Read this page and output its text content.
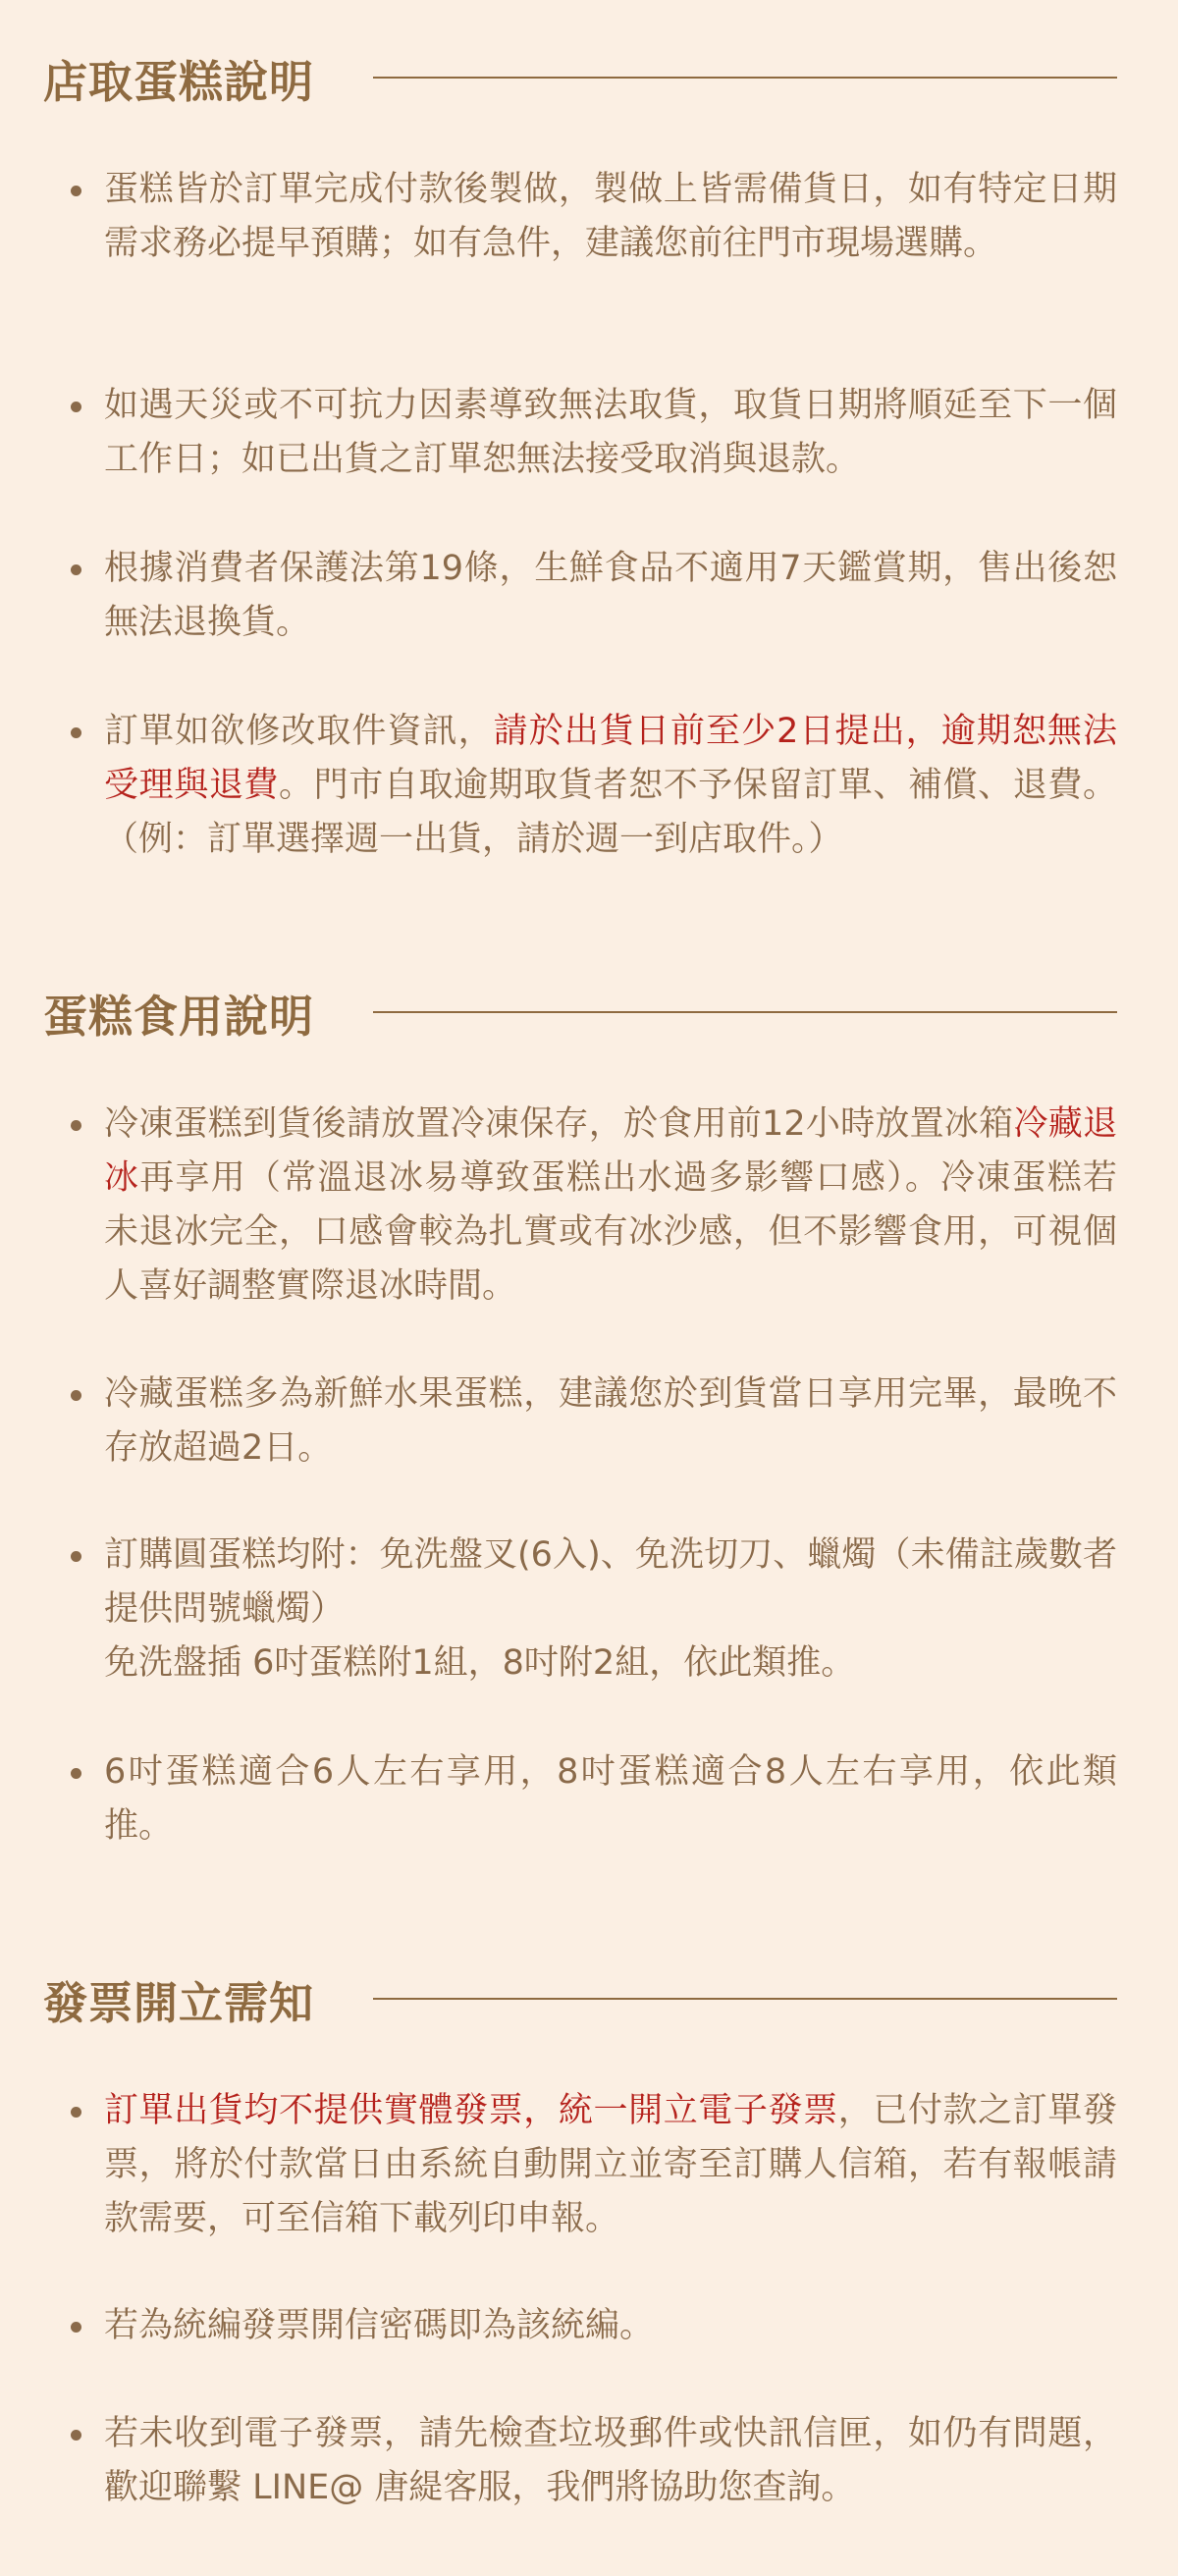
店取蛋糕說明
蛋糕皆於訂單完成付款後製做，製做上皆需備貨日，如有特定日期需求務必提早預購；如有急件，建議您前往門市現場選購。
如遇天災或不可抗力因素導致無法取貨，取貨日期將順延至下一個工作日；如已出貨之訂單恕無法接受取消與退款。
根據消費者保護法第19條，生鮮食品不適用7天鑑賞期，售出後恕無法退換貨。
訂單如欲修改取件資訊，請於出貨日前至少2日提出，逾期恕無法受理與退費。門市自取逾期取貨者恕不予保留訂單、補償、退費。（例：訂單選擇週一出貨，請於週一到店取件。）
蛋糕食用說明
冷凍蛋糕到貨後請放置冷凍保存，於食用前12小時放置冰箱冷藏退冰再享用（常溫退冰易導致蛋糕出水過多影響口感）。冷凍蛋糕若未退冰完全，口感會較為扎實或有冰沙感，但不影響食用，可視個人喜好調整實際退冰時間。
冷藏蛋糕多為新鮮水果蛋糕，建議您於到貨當日享用完畢，最晚不存放超過2日。
訂購圓蛋糕均附：免洗盤叉(6入)、免洗切刀、蠟燭（未備註歲數者提供問號蠟燭）
免洗盤插 6吋蛋糕附1組，8吋附2組，依此類推。
6吋蛋糕適合6人左右享用，8吋蛋糕適合8人左右享用，依此類推。
發票開立需知
訂單出貨均不提供實體發票，統一開立電子發票，已付款之訂單發票，將於付款當日由系統自動開立並寄至訂購人信箱，若有報帳請款需要，可至信箱下載列印申報。
若為統編發票開信密碼即為該統編。
若未收到電子發票，請先檢查垃圾郵件或快訊信匣，如仍有問題，歡迎聯繫 LINE@ 唐緹客服，我們將協助您查詢。
